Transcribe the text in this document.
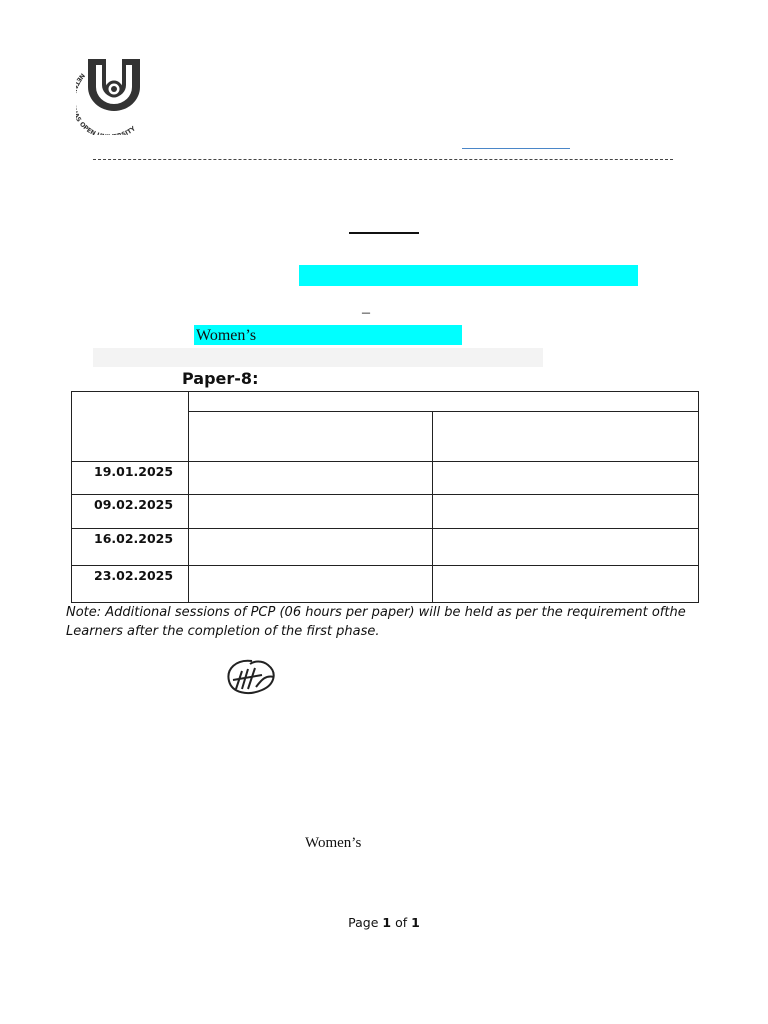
N OPEN SITY
–
Women’s
Paper-8:
19.01.2025
09.02.2025
16.02.2025
23.02.2025
Note: Additional sessions of PCP (06 hours per paper) will be held as per the requirement ofthe Learners after the completion of the first phase.
Women’s
Page 1 of 1
